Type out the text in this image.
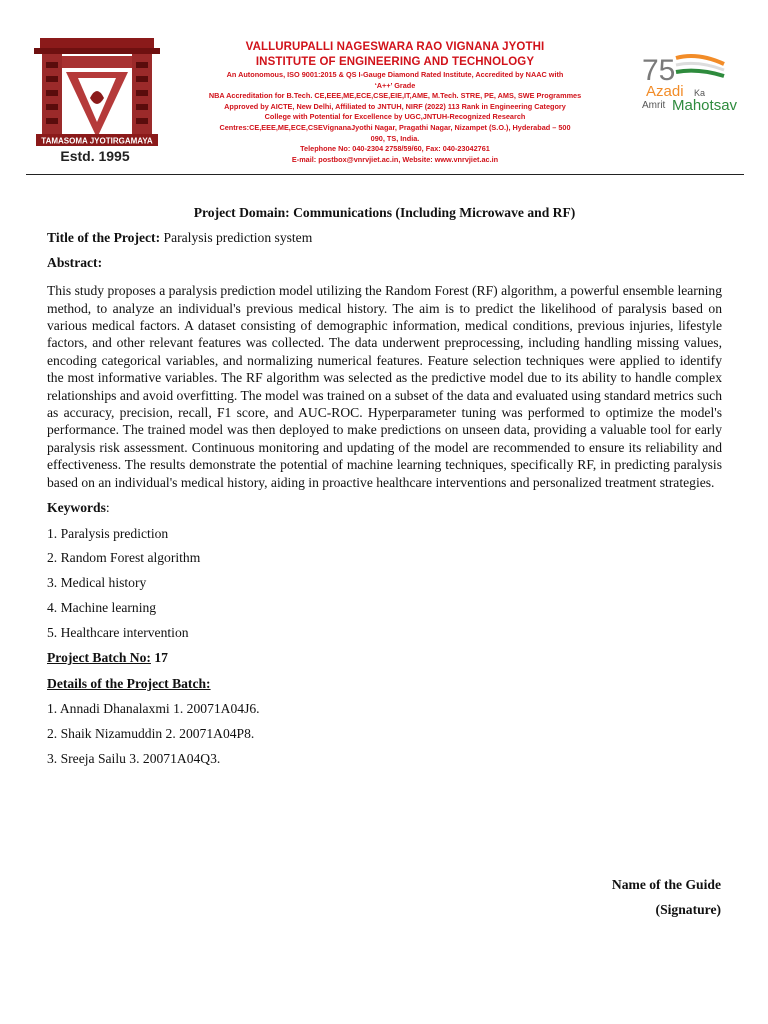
TAMASOMA JYOTIRGAMAYA
Estd. 1995
VALLURUPALLI NAGESWARA RAO VIGNANA JYOTHI
INSTITUTE OF ENGINEERING AND TECHNOLOGY
An Autonomous, ISO 9001:2015 & QS I-Gauge Diamond Rated Institute, Accredited by NAAC with
‘A++’ Grade
NBA Accreditation for B.Tech. CE,EEE,ME,ECE,CSE,EIE,IT,AME, M.Tech. STRE, PE, AMS, SWE Programmes
Approved by AICTE, New Delhi, Affiliated to JNTUH, NIRF (2022) 113 Rank in Engineering Category
College with Potential for Excellence by UGC,JNTUH-Recognized Research
Centres:CE,EEE,ME,ECE,CSEVignanaJyothi Nagar, Pragathi Nagar, Nizampet (S.O.), Hyderabad – 500
090, TS, India.
Telephone No: 040-2304 2758/59/60, Fax: 040-23042761
E-mail: postbox@vnrvjiet.ac.in, Website: www.vnrvjiet.ac.in
75
Azadi Ka
Amrit Mahotsav
Project Domain: Communications (Including Microwave and RF)
Title of the Project: Paralysis prediction system
Abstract:

This study proposes a paralysis prediction model utilizing the Random Forest (RF) algorithm, a powerful ensemble learning method, to analyze an individual's previous medical history. The aim is to predict the likelihood of paralysis based on various medical factors. A dataset consisting of demographic information, medical conditions, previous injuries, lifestyle factors, and other relevant features was collected. The data underwent preprocessing, including handling missing values, encoding categorical variables, and normalizing numerical features. Feature selection techniques were applied to identify the most informative variables. The RF algorithm was selected as the predictive model due to its ability to handle complex relationships and avoid overfitting. The model was trained on a subset of the data and evaluated using standard metrics such as accuracy, precision, recall, F1 score, and AUC-ROC. Hyperparameter tuning was performed to optimize the model's performance. The trained model was then deployed to make predictions on unseen data, providing a valuable tool for early paralysis risk assessment. Continuous monitoring and updating of the model are recommended to ensure its reliability and effectiveness. The results demonstrate the potential of machine learning techniques, specifically RF, in predicting paralysis based on an individual's medical history, aiding in proactive healthcare interventions and personalized treatment strategies.

Keywords:
1. Paralysis prediction
2. Random Forest algorithm
3. Medical history
4. Machine learning
5. Healthcare intervention
Project Batch No: 17
Details of the Project Batch:
1. Annadi Dhanalaxmi 1. 20071A04J6.
2. Shaik Nizamuddin 2. 20071A04P8.
3. Sreeja Sailu 3. 20071A04Q3.
Name of the Guide
(Signature)
